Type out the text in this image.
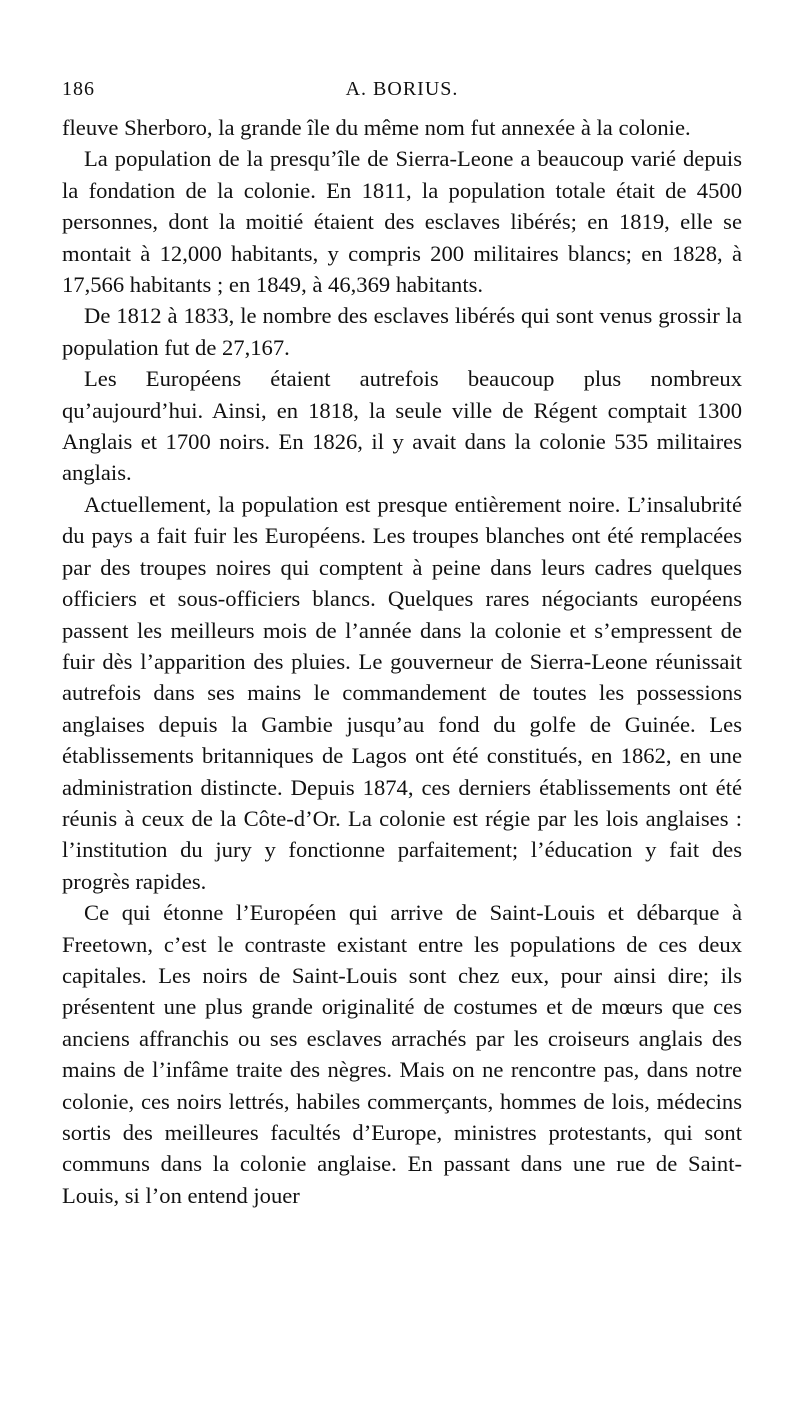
186	A. BORIUS.

fleuve Sherboro, la grande île du même nom fut annexée à la colonie.

La population de la presqu’île de Sierra-Leone a beaucoup varié depuis la fondation de la colonie. En 1811, la population totale était de 4500 personnes, dont la moitié étaient des esclaves libérés; en 1819, elle se montait à 12,000 habitants, y compris 200 militaires blancs; en 1828, à 17,566 habitants ; en 1849, à 46,369 habitants.

De 1812 à 1833, le nombre des esclaves libérés qui sont venus grossir la population fut de 27,167.

Les Européens étaient autrefois beaucoup plus nombreux qu’aujourd’hui. Ainsi, en 1818, la seule ville de Régent comptait 1300 Anglais et 1700 noirs. En 1826, il y avait dans la colonie 535 militaires anglais.

Actuellement, la population est presque entièrement noire. L’insalubrité du pays a fait fuir les Européens. Les troupes blanches ont été remplacées par des troupes noires qui comptent à peine dans leurs cadres quelques officiers et sous-officiers blancs. Quelques rares négociants européens passent les meilleurs mois de l’année dans la colonie et s’empressent de fuir dès l’apparition des pluies. Le gouverneur de Sierra-Leone réunissait autrefois dans ses mains le commandement de toutes les possessions anglaises depuis la Gambie jusqu’au fond du golfe de Guinée. Les établissements britanniques de Lagos ont été constitués, en 1862, en une administration distincte. Depuis 1874, ces derniers établissements ont été réunis à ceux de la Côte-d’Or. La colonie est régie par les lois anglaises : l’institution du jury y fonctionne parfaitement; l’éducation y fait des progrès rapides.

Ce qui étonne l’Européen qui arrive de Saint-Louis et débarque à Freetown, c’est le contraste existant entre les populations de ces deux capitales. Les noirs de Saint-Louis sont chez eux, pour ainsi dire; ils présentent une plus grande originalité de costumes et de mœurs que ces anciens affranchis ou ses esclaves arrachés par les croiseurs anglais des mains de l’infâme traite des nègres. Mais on ne rencontre pas, dans notre colonie, ces noirs lettrés, habiles commerçants, hommes de lois, médecins sortis des meilleures facultés d’Europe, ministres protestants, qui sont communs dans la colonie anglaise. En passant dans une rue de Saint-Louis, si l’on entend jouer
